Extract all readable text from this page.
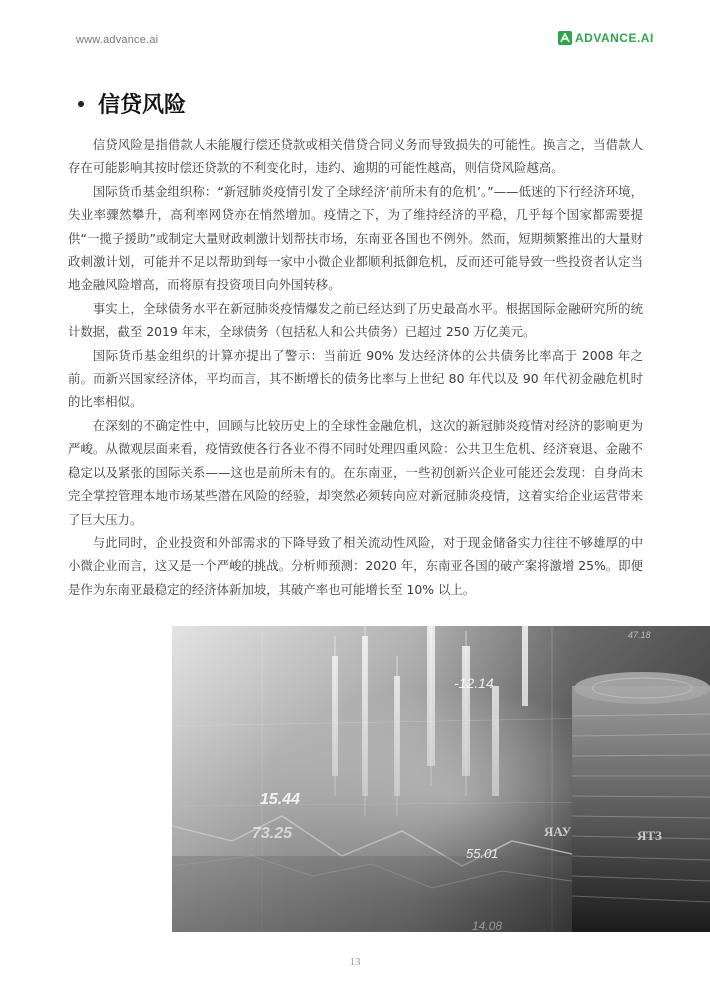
www.advance.ai	ADVANCE.AI
信贷风险

信贷风险是指借款人未能履行偿还贷款或相关借贷合同义务而导致损失的可能性。换言之，当借款人存在可能影响其按时偿还贷款的不利变化时，违约、逾期的可能性越高，则信贷风险越高。

国际货币基金组织称：“新冠肺炎疫情引发了全球经济‘前所未有的危机’。”——低迷的下行经济环境，失业率骤然攀升，高利率网贷亦在悄然增加。疫情之下，为了维持经济的平稳，几乎每个国家都需要提供“一揽子援助”或制定大量财政刺激计划帮扶市场，东南亚各国也不例外。然而，短期频繁推出的大量财政刺激计划，可能并不足以帮助到每一家中小微企业都顺利抵御危机，反而还可能导致一些投资者认定当地金融风险增高，而将原有投资项目向外国转移。

事实上，全球债务水平在新冠肺炎疫情爆发之前已经达到了历史最高水平。根据国际金融研究所的统计数据，截至 2019 年末，全球债务（包括私人和公共债务）已超过 250 万亿美元。

国际货币基金组织的计算亦提出了警示：当前近 90% 发达经济体的公共债务比率高于 2008 年之前。而新兴国家经济体，平均而言，其不断增长的债务比率与上世纪 80 年代以及 90 年代初金融危机时的比率相似。

在深刻的不确定性中，回顾与比较历史上的全球性金融危机，这次的新冠肺炎疫情对经济的影响更为严峻。从微观层面来看，疫情致使各行各业不得不同时处理四重风险：公共卫生危机、经济衰退、金融不稳定以及紧张的国际关系——这也是前所未有的。在东南亚，一些初创新兴企业可能还会发现：自身尚未完全掌控管理本地市场某些潜在风险的经验，却突然必须转向应对新冠肺炎疫情，这着实给企业运营带来了巨大压力。

与此同时，企业投资和外部需求的下降导致了相关流动性风险，对于现金储备实力往往不够雄厚的中小微企业而言，这又是一个严峻的挑战。分析师预测：2020 年，东南亚各国的破产案将激增 25%。即便是作为东南亚最稳定的经济体新加坡，其破产率也可能增长至 10% 以上。

-12.14
15.44
73.25
55.01
47.18
14.08
ЯАУ	ЯТЗ
13
